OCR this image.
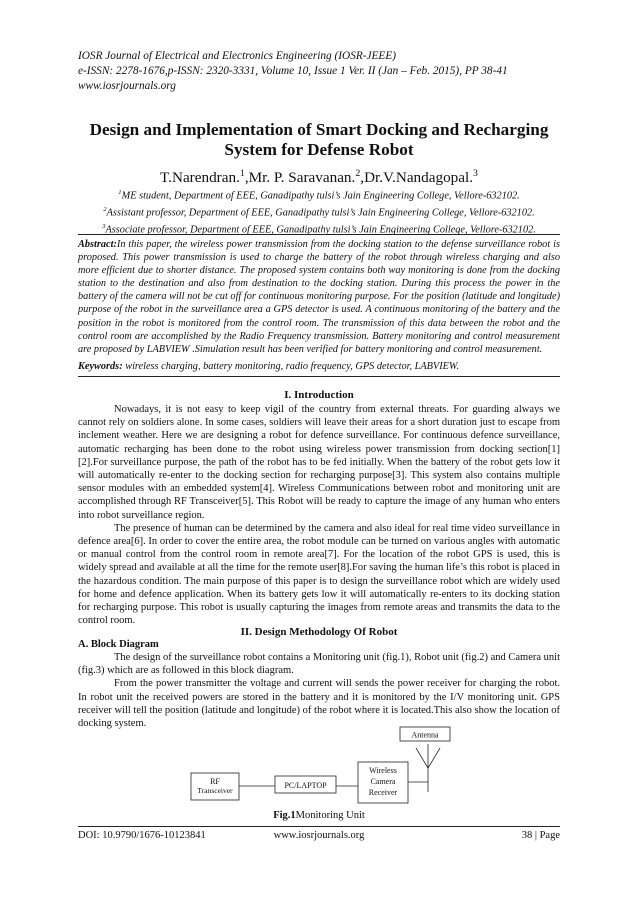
IOSR Journal of Electrical and Electronics Engineering (IOSR-JEEE)
e-ISSN: 2278-1676,p-ISSN: 2320-3331, Volume 10, Issue 1 Ver. II (Jan – Feb. 2015), PP 38-41
www.iosrjournals.org
Design and Implementation of Smart Docking and Recharging System for Defense Robot
T.Narendran.$^1$,Mr. P. Saravanan.$^2$,Dr.V.Nandagopal.$^3$
$^1$ME student, Department of EEE, Ganadipathy tulsi’s Jain Engineering College, Vellore-632102.
$^2$Assistant professor, Department of EEE, Ganadipathy tulsi’s Jain Engineering College, Vellore-632102.
$^3$Associate professor, Department of EEE, Ganadipathy tulsi’s Jain Engineering College, Vellore-632102.
Abstract:In this paper, the wireless power transmission from the docking station to the defense surveillance robot is proposed. This power transmission is used to charge the battery of the robot through wireless charging and also more efficient due to shorter distance. The proposed system contains both way monitoring is done from the docking station to the destination and also from destination to the docking station. During this process the power in the battery of the camera will not be cut off for continuous monitoring purpose. For the position (latitude and longitude) purpose of the robot in the surveillance area a GPS detector is used. A continuous monitoring of the battery and the position in the robot is monitored from the control room. The transmission of this data between the robot and the control room are accomplished by the Radio Frequency transmission. Battery monitoring and control measurement are proposed by LABVIEW .Simulation result has been verified for battery monitoring and control measurement.
Keywords: wireless charging, battery monitoring, radio frequency, GPS detector, LABVIEW.
I. Introduction

Nowadays, it is not easy to keep vigil of the country from external threats. For guarding always we cannot rely on soldiers alone. In some cases, soldiers will leave their areas for a short duration just to escape from inclement weather. Here we are designing a robot for defence surveillance. For continuous defence surveillance, automatic recharging has been done to the robot using wireless power transmission from docking section[1][2].For surveillance purpose, the path of the robot has to be fed initially. When the battery of the robot gets low it will automatically re-enter to the docking section for recharging purpose[3]. This system also contains multiple sensor modules with an embedded system[4]. Wireless Communications between robot and monitoring unit are accomplished through RF Transceiver[5]. This Robot will be ready to capture the image of any human who enters into robot surveillance region.

The presence of human can be determined by the camera and also ideal for real time video surveillance in defence area[6]. In order to cover the entire area, the robot module can be turned on various angles with automatic or manual control from the control room in remote area[7]. For the location of the robot GPS is used, this is widely spread and available at all the time for the remote user[8].For saving the human life’s this robot is placed in the hazardous condition. The main purpose of this paper is to design the surveillance robot which are widely used for home and defence application. When its battery gets low it will automatically re-enters to its docking station for recharging purpose. This robot is usually capturing the images from remote areas and transmits the data to the control room.

II. Design Methodology Of Robot
A. Block Diagram

The design of the surveillance robot contains a Monitoring unit (fig.1), Robot unit (fig.2) and Camera unit (fig.3) which are as followed in this block diagram.

From the power transmitter the voltage and current will sends the power receiver for charging the robot. In robot unit the received powers are stored in the battery and it is monitored by the I/V monitoring unit. GPS receiver will tell the position (latitude and longitude) of the robot where it is located.This also show the location of docking system.

Antenna
RF
Transceiver
PC/LAPTOP
Wireless
Camera
Receiver
Fig.1Monitoring Unit
DOI: 10.9790/1676-10123841	www.iosrjournals.org	38 | Page
